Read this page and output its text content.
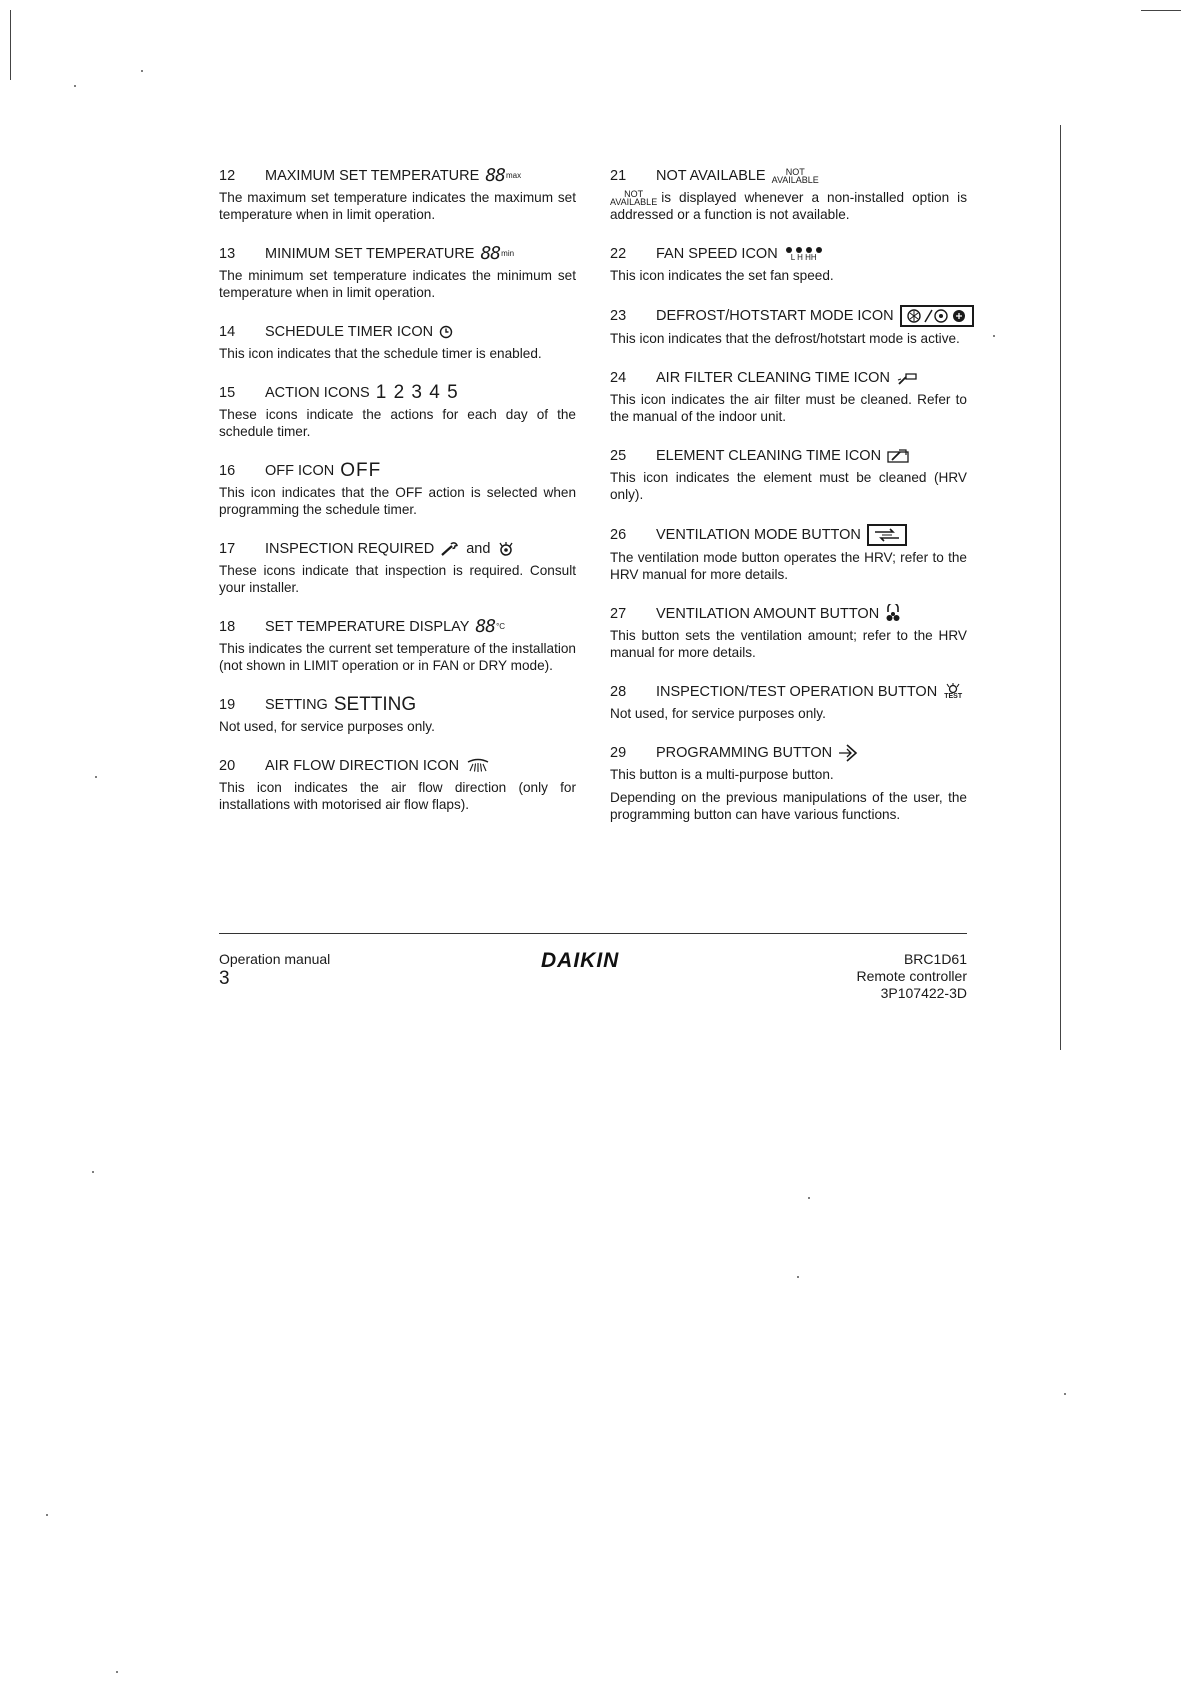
12	MAXIMUM SET TEMPERATURE 88 max
The maximum set temperature indicates the maximum set temperature when in limit operation.
13	MINIMUM SET TEMPERATURE 88 min
The minimum set temperature indicates the minimum set temperature when in limit operation.
14	SCHEDULE TIMER ICON
This icon indicates that the schedule timer is enabled.
15	ACTION ICONS 1 2 3 4 5
These icons indicate the actions for each day of the schedule timer.
16	OFF ICON OFF
This icon indicates that the OFF action is selected when programming the schedule timer.
17	INSPECTION REQUIRED and
These icons indicate that inspection is required. Consult your installer.
18	SET TEMPERATURE DISPLAY 88 °C
This indicates the current set temperature of the installation (not shown in LIMIT operation or in FAN or DRY mode).
19	SETTING SETTING
Not used, for service purposes only.
20	AIR FLOW DIRECTION ICON
This icon indicates the air flow direction (only for installations with motorised air flow flaps).
21	NOT AVAILABLE	NOT
AVAILABLE
NOT
AVAILABLE is displayed whenever a non-installed option is addressed or a function is not available.
22	FAN SPEED ICON L H HH
This icon indicates the set fan speed.
23	DEFROST/HOTSTART MODE ICON
This icon indicates that the defrost/hotstart mode is active.
24	AIR FILTER CLEANING TIME ICON
This icon indicates the air filter must be cleaned. Refer to the manual of the indoor unit.
25	ELEMENT CLEANING TIME ICON
This icon indicates the element must be cleaned (HRV only).
26	VENTILATION MODE BUTTON
The ventilation mode button operates the HRV; refer to the HRV manual for more details.
27	VENTILATION AMOUNT BUTTON
This button sets the ventilation amount; refer to the HRV manual for more details.
28	INSPECTION/TEST OPERATION BUTTON TEST
Not used, for service purposes only.
29	PROGRAMMING BUTTON
This button is a multi-purpose button.
Depending on the previous manipulations of the user, the programming button can have various functions.
Operation manual
3
DAIKIN	BRC1D61
Remote controller
3P107422-3D
